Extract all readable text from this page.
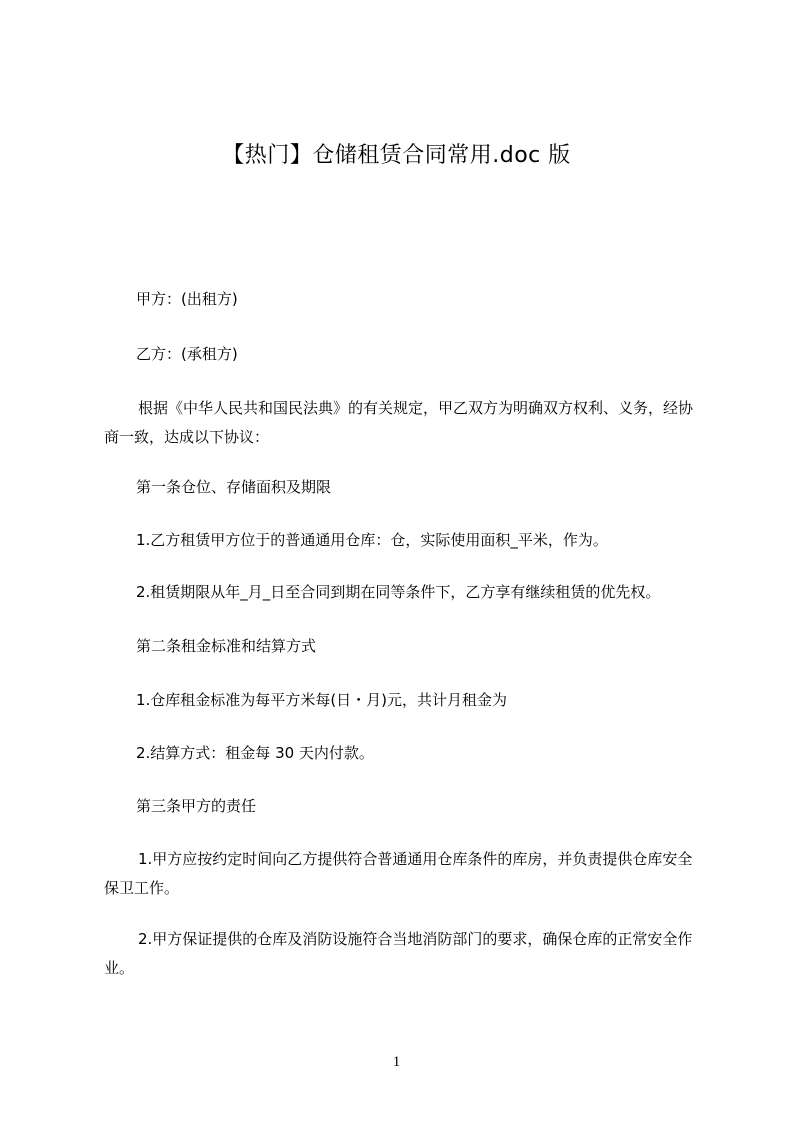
【热门】仓储租赁合同常用.doc 版

甲方：(出租方)

乙方：(承租方)

根据《中华人民共和国民法典》的有关规定，甲乙双方为明确双方权利、义务，经协商一致，达成以下协议：

第一条仓位、存储面积及期限

1.乙方租赁甲方位于的普通通用仓库：仓，实际使用面积_平米，作为。

2.租赁期限从年_月_日至合同到期在同等条件下，乙方享有继续租赁的优先权。

第二条租金标准和结算方式

1.仓库租金标准为每平方米每(日・月)元，共计月租金为

2.结算方式：租金每 30 天内付款。

第三条甲方的责任

1.甲方应按约定时间向乙方提供符合普通通用仓库条件的库房，并负责提供仓库安全保卫工作。

2.甲方保证提供的仓库及消防设施符合当地消防部门的要求，确保仓库的正常安全作业。

1
